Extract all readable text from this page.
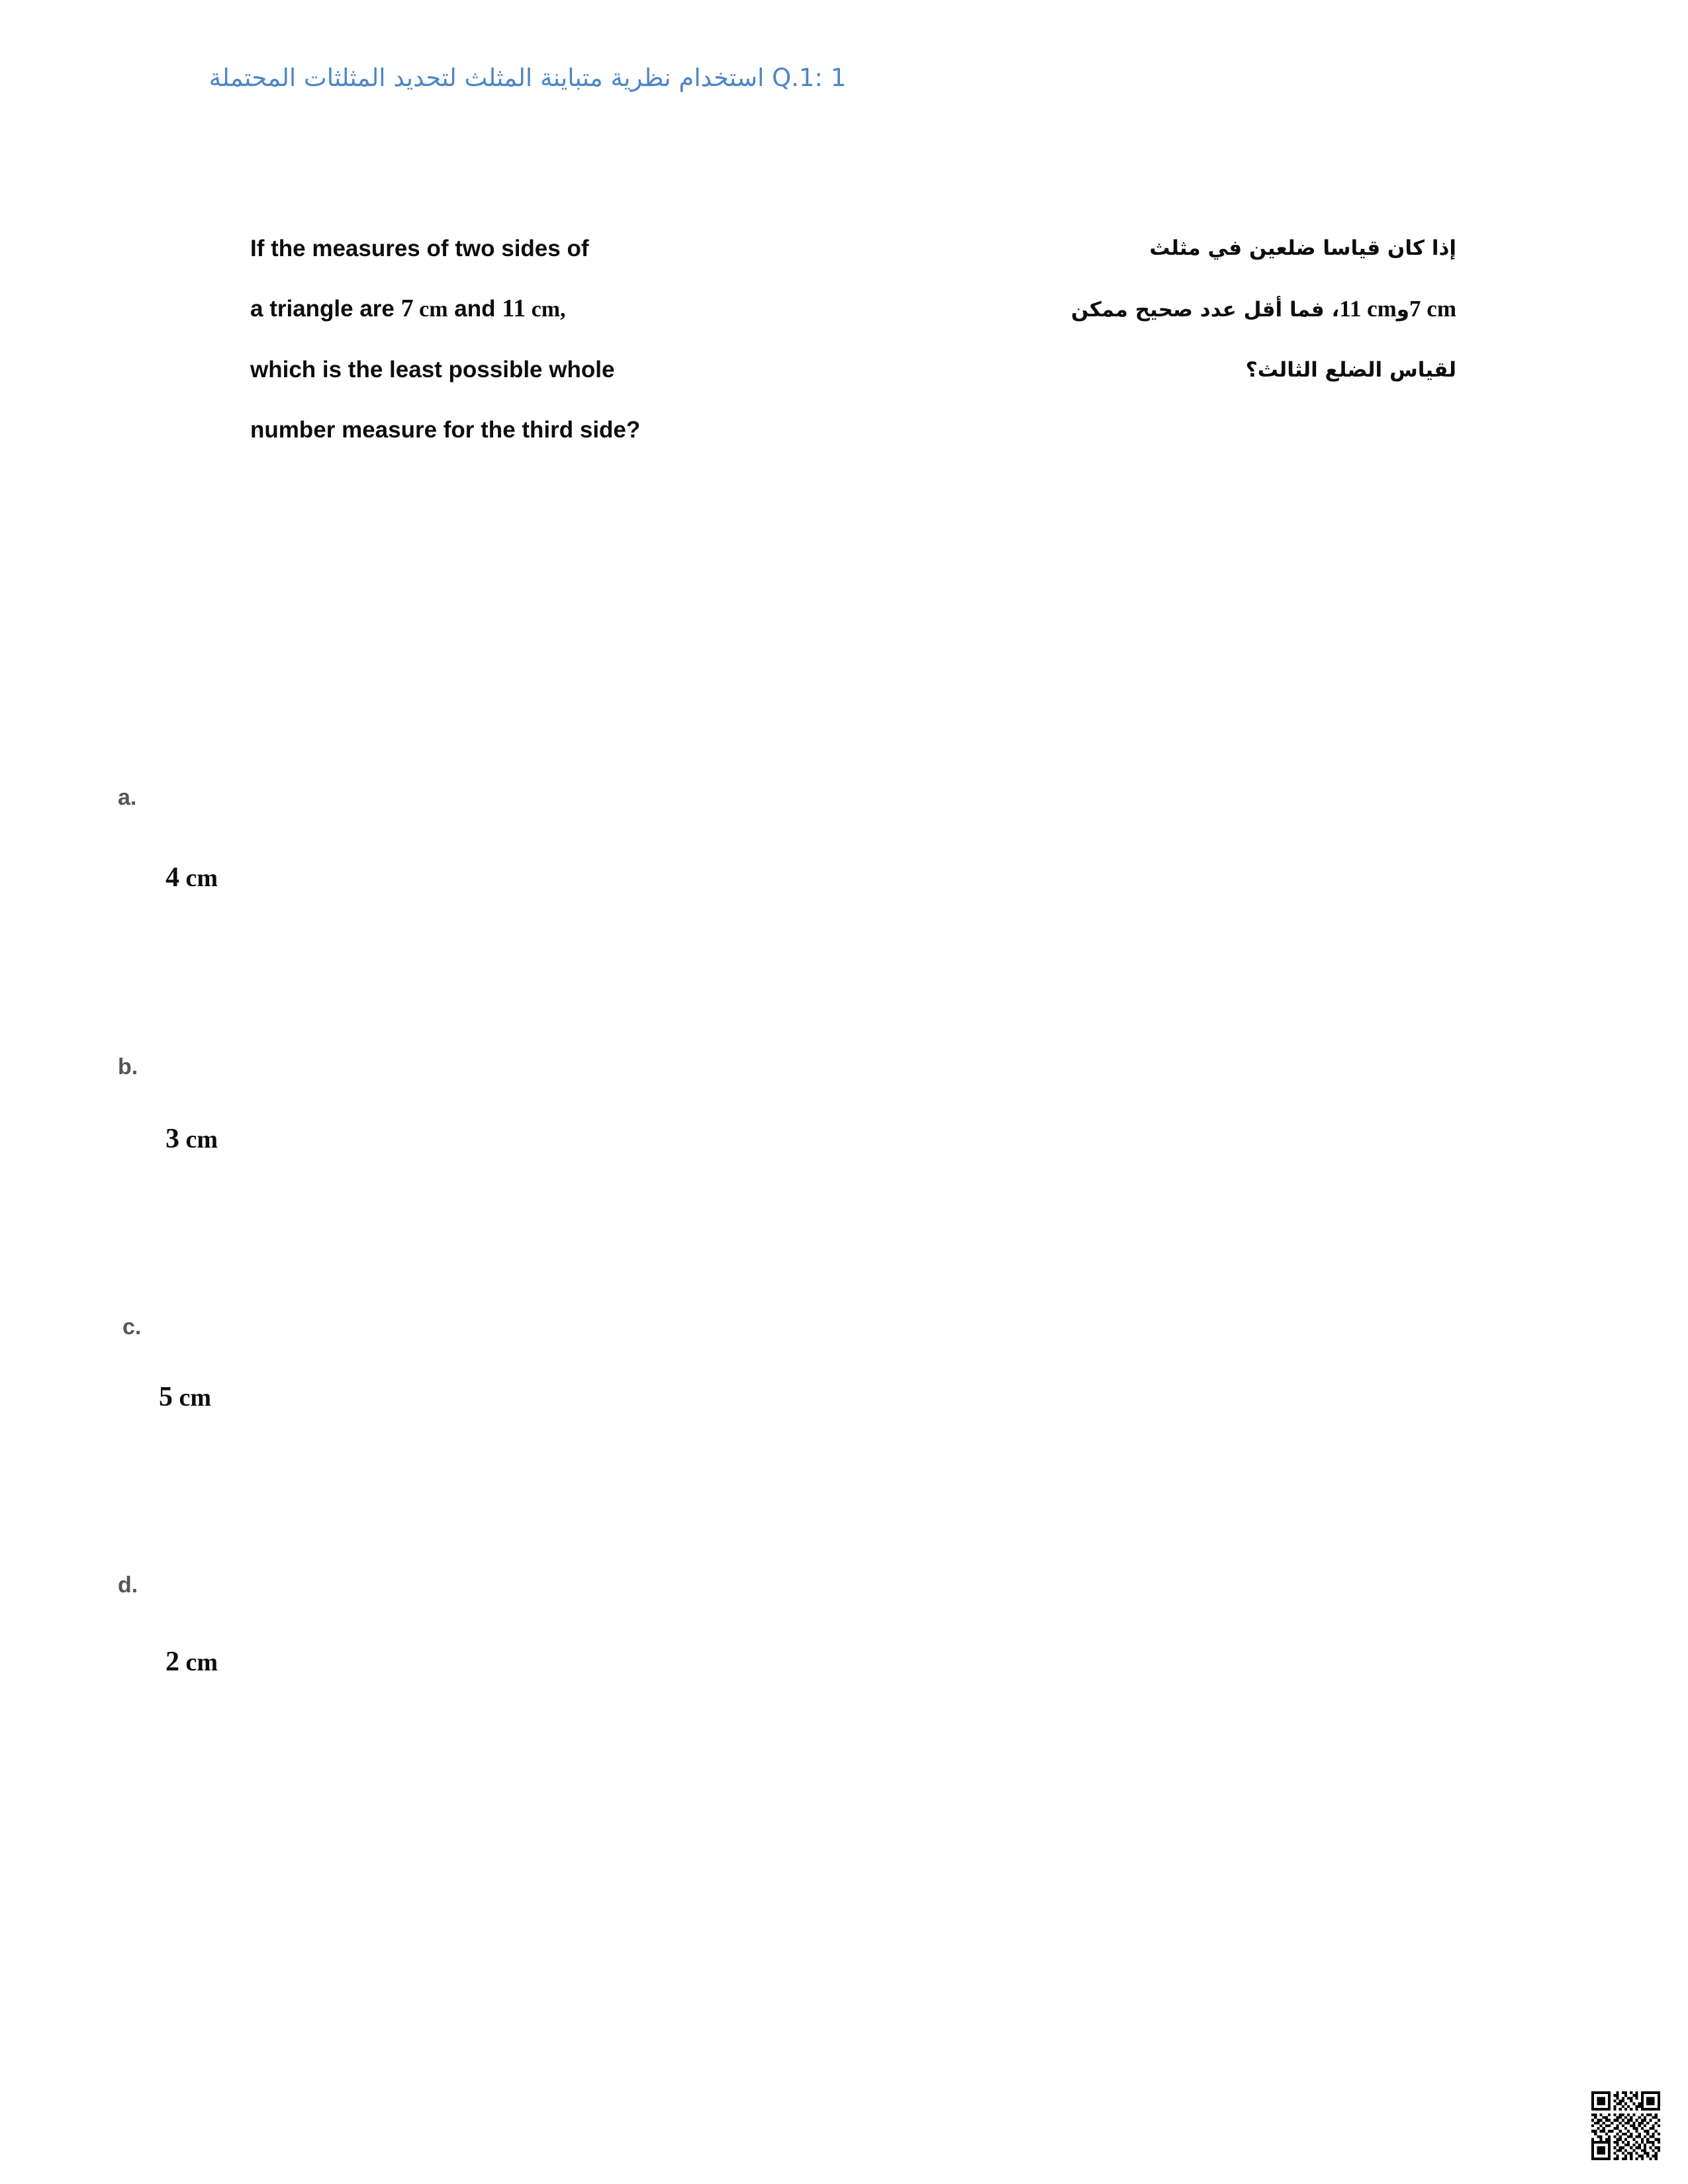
Q.1: 1 استخدام نظرية متباينة المثلث لتحديد المثلثات المحتملة
If the measures of two sides of
a triangle are 7 cm and 11 cm,
which is the least possible whole
number measure for the third side?
إذا كان قياسا ضلعين في مثلث
7 cmو11 cm، فما أقل عدد صحيح ممكن
لقياس الضلع الثالث؟
a.
4 cm
b.
3 cm
c.
5 cm
d.
2 cm
